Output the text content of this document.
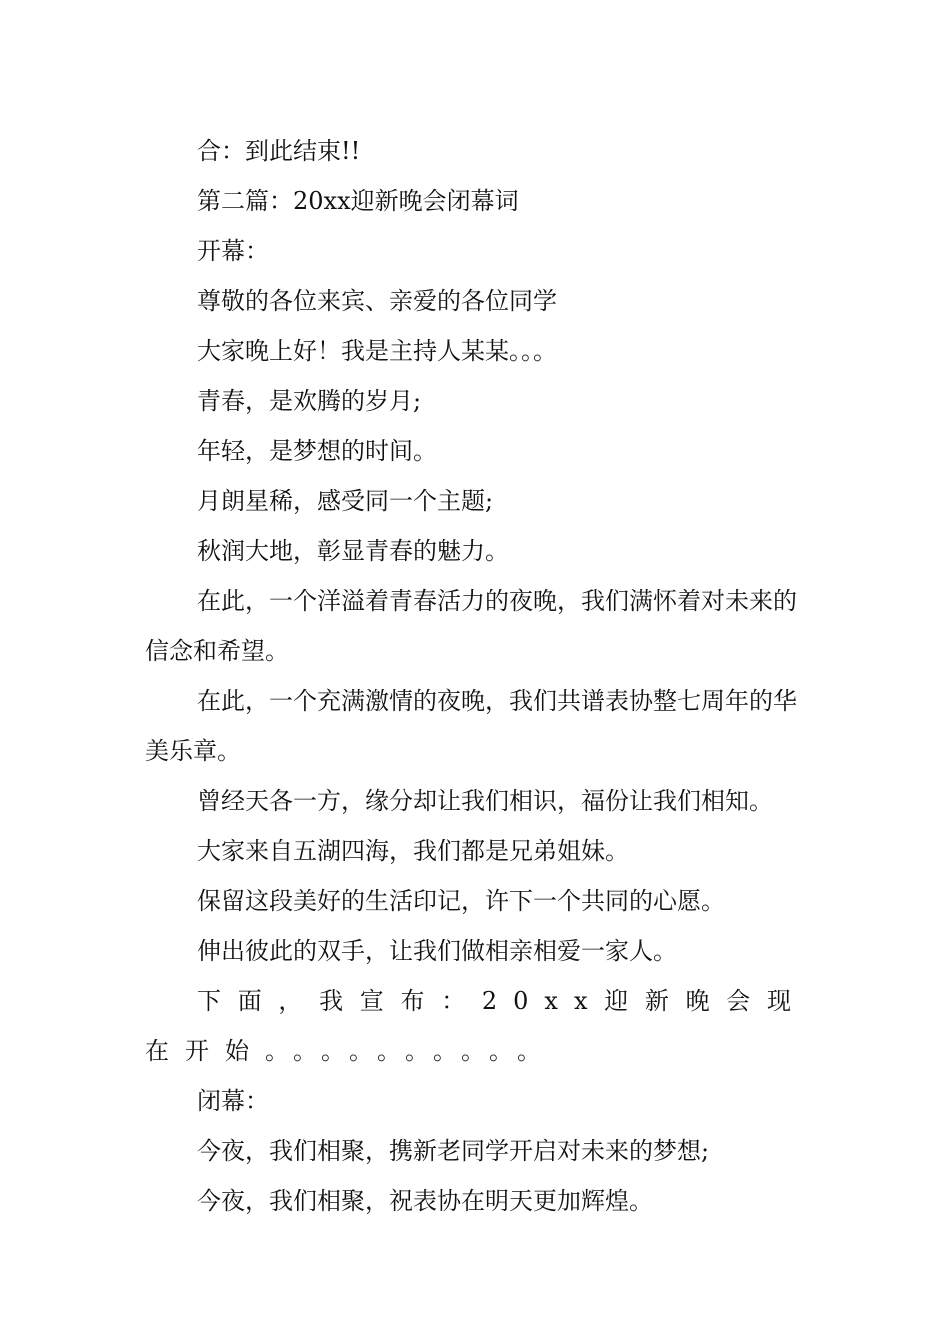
合：到此结束!!

第二篇：20xx迎新晚会闭幕词

开幕：

尊敬的各位来宾、亲爱的各位同学

大家晚上好！我是主持人某某。。。

青春，是欢腾的岁月;

年轻，是梦想的时间。

月朗星稀，感受同一个主题;

秋润大地，彰显青春的魅力。

在此，一个洋溢着青春活力的夜晚，我们满怀着对未来的信念和希望。

在此，一个充满激情的夜晚，我们共谱表协整七周年的华美乐章。

曾经天各一方，缘分却让我们相识，福份让我们相知。

大家来自五湖四海，我们都是兄弟姐妹。

保留这段美好的生活印记，许下一个共同的心愿。

伸出彼此的双手，让我们做相亲相爱一家人。

下面，我宣布：20xx迎新晚会现在开始。。。。。。。。。。

闭幕：

今夜，我们相聚，携新老同学开启对未来的梦想;

今夜，我们相聚，祝表协在明天更加辉煌。
